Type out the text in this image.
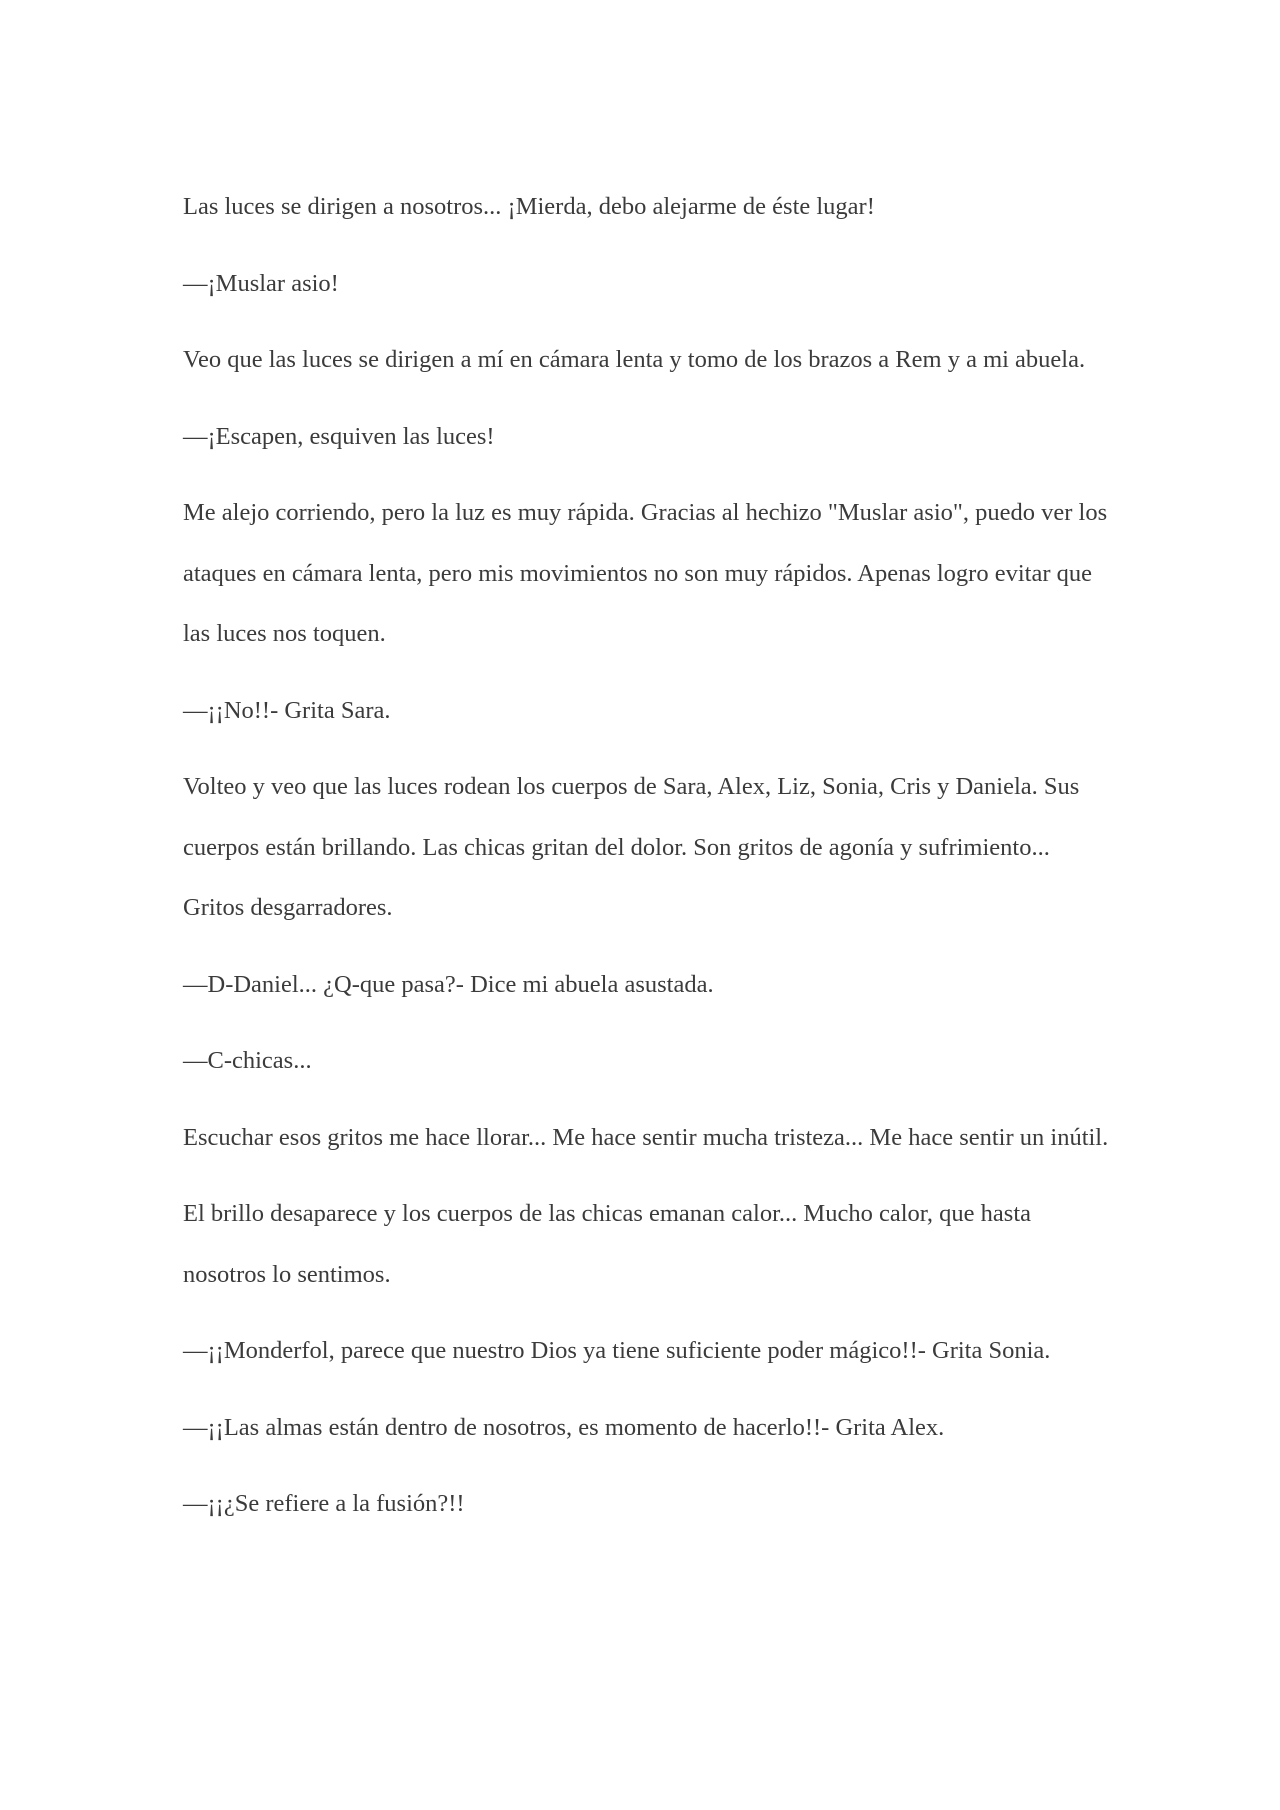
Las luces se dirigen a nosotros... ¡Mierda, debo alejarme de éste lugar!

—¡Muslar asio!

Veo que las luces se dirigen a mí en cámara lenta y tomo de los brazos a Rem y a mi abuela.

—¡Escapen, esquiven las luces!

Me alejo corriendo, pero la luz es muy rápida. Gracias al hechizo "Muslar asio", puedo ver los ataques en cámara lenta, pero mis movimientos no son muy rápidos. Apenas logro evitar que las luces nos toquen.

—¡¡No!!- Grita Sara.

Volteo y veo que las luces rodean los cuerpos de Sara, Alex, Liz, Sonia, Cris y Daniela. Sus cuerpos están brillando. Las chicas gritan del dolor. Son gritos de agonía y sufrimiento... Gritos desgarradores.

—D-Daniel... ¿Q-que pasa?- Dice mi abuela asustada.

—C-chicas...

Escuchar esos gritos me hace llorar... Me hace sentir mucha tristeza... Me hace sentir un inútil.

El brillo desaparece y los cuerpos de las chicas emanan calor... Mucho calor, que hasta nosotros lo sentimos.

—¡¡Monderfol, parece que nuestro Dios ya tiene suficiente poder mágico!!- Grita Sonia.

—¡¡Las almas están dentro de nosotros, es momento de hacerlo!!- Grita Alex.

—¡¡¿Se refiere a la fusión?!!
